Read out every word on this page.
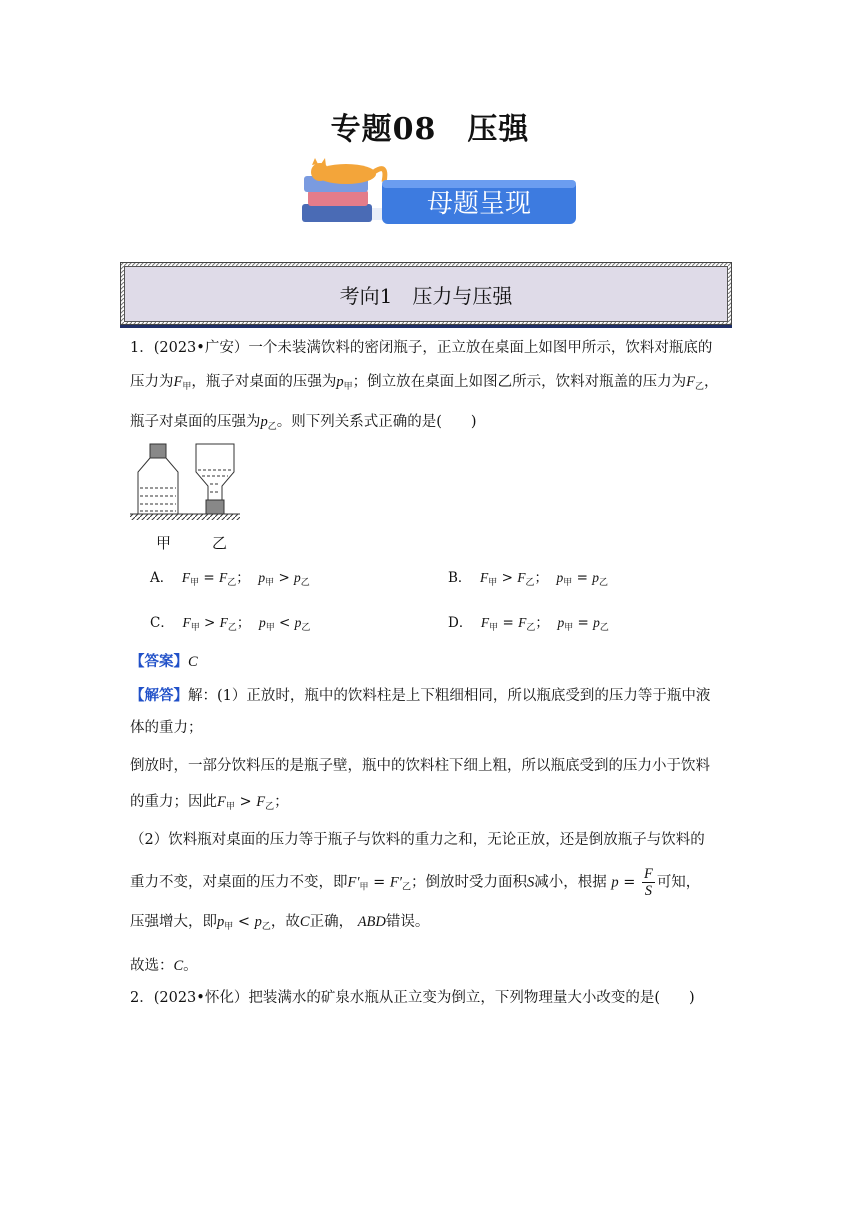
专题08　压强
母题呈现
考向1　压力与压强
1．(2023•广安）一个未装满饮料的密闭瓶子，正立放在桌面上如图甲所示，饮料对瓶底的
压力为$F_甲$，瓶子对桌面的压强为$p_甲$；倒立放在桌面上如图乙所示，饮料对瓶盖的压力为$F_乙$，
瓶子对桌面的压强为$p_乙$。则下列关系式正确的是(　　)
甲	乙
A． $F_甲 = F_乙$； $p_甲 > p_乙$	B． $F_甲 > F_乙$； $p_甲 = p_乙$
C． $F_甲 > F_乙$； $p_甲 < p_乙$	D． $F_甲 = F_乙$； $p_甲 = p_乙$
【答案】C
【解答】解：(1）正放时，瓶中的饮料柱是上下粗细相同，所以瓶底受到的压力等于瓶中液
体的重力；
倒放时，一部分饮料压的是瓶子壁，瓶中的饮料柱下细上粗，所以瓶底受到的压力小于饮料
的重力；因此$F_甲 > F_乙$；
（2）饮料瓶对桌面的压力等于瓶子与饮料的重力之和，无论正放，还是倒放瓶子与饮料的
重力不变，对桌面的压力不变，即$F'_甲 = F'_乙$；倒放时受力面积S减小，根据 $p = \frac{F}{S}$ 可知，
压强增大，即$p_甲 < p_乙$，故C正确， ABD错误。
故选：C。
2．(2023•怀化）把装满水的矿泉水瓶从正立变为倒立，下列物理量大小改变的是(　　)
